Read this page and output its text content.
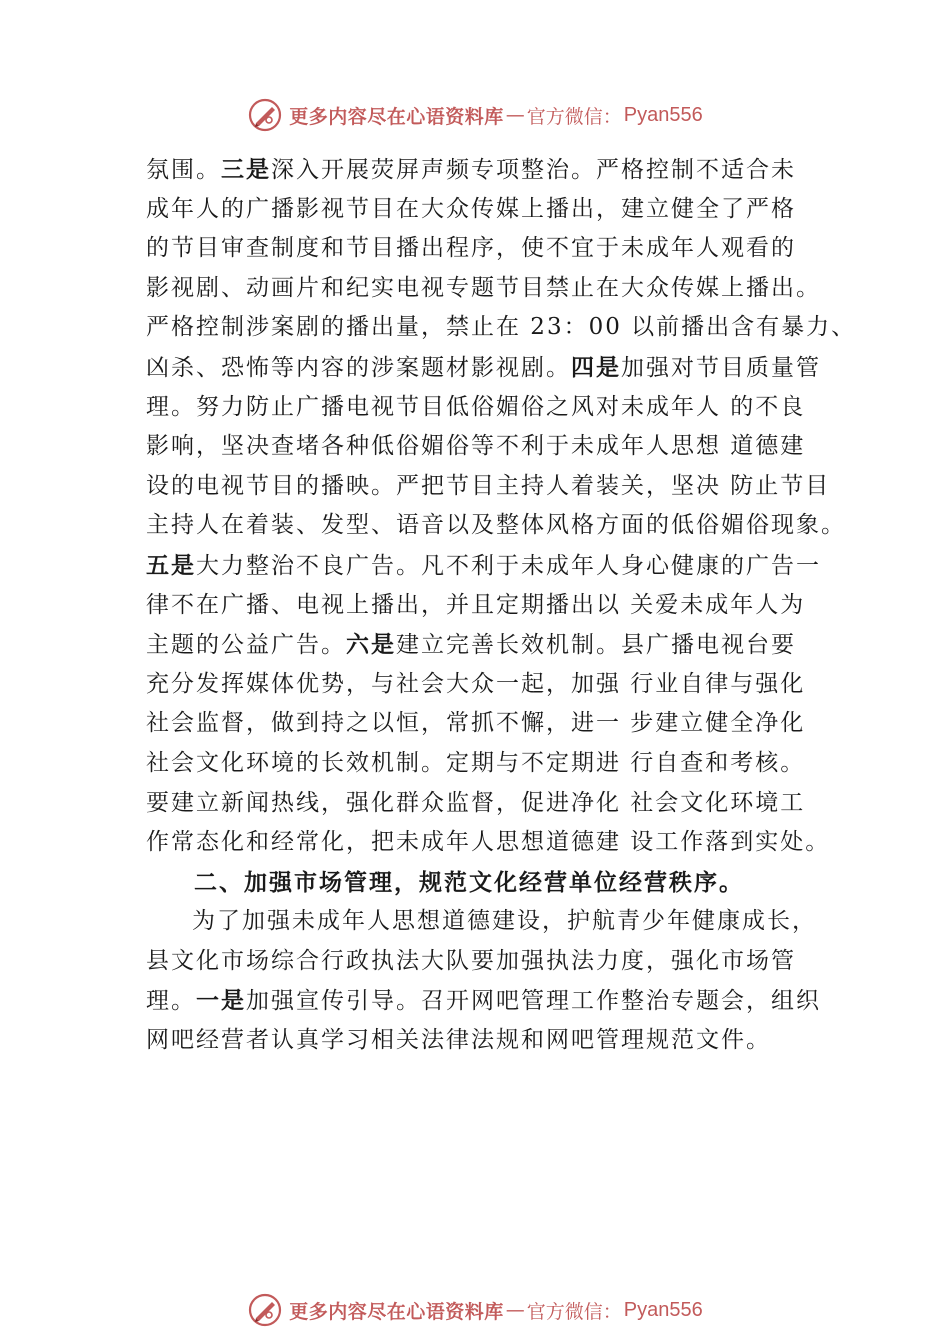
更多内容尽在心语资料库 — 官方微信： Pyan556
氛围。三是深入开展荧屏声频专项整治。严格控制不适合未
成年人的广播影视节目在大众传媒上播出，建立健全了严格
的节目审查制度和节目播出程序，使不宜于未成年人观看的
影视剧、动画片和纪实电视专题节目禁止在大众传媒上播出。
严格控制涉案剧的播出量，禁止在 23：00 以前播出含有暴力、
凶杀、恐怖等内容的涉案题材影视剧。四是加强对节目质量管
理。努力防止广播电视节目低俗媚俗之风对未成年人 的不良
影响，坚决查堵各种低俗媚俗等不利于未成年人思想 道德建
设的电视节目的播映。严把节目主持人着装关，坚决 防止节目
主持人在着装、发型、语音以及整体风格方面的低俗媚俗现象。
五是大力整治不良广告。凡不利于未成年人身心健康的广告一
律不在广播、电视上播出，并且定期播出以 关爱未成年人为
主题的公益广告。六是建立完善长效机制。县广播电视台要
充分发挥媒体优势，与社会大众一起，加强 行业自律与强化
社会监督，做到持之以恒，常抓不懈，进一 步建立健全净化
社会文化环境的长效机制。定期与不定期进 行自查和考核。
要建立新闻热线，强化群众监督，促进净化 社会文化环境工
作常态化和经常化，把未成年人思想道德建 设工作落到实处。
二、加强市场管理，规范文化经营单位经营秩序。
为了加强未成年人思想道德建设，护航青少年健康成长，
县文化市场综合行政执法大队要加强执法力度，强化市场管
理。一是加强宣传引导。召开网吧管理工作整治专题会，组织
网吧经营者认真学习相关法律法规和网吧管理规范文件。
更多内容尽在心语资料库 — 官方微信： Pyan556
